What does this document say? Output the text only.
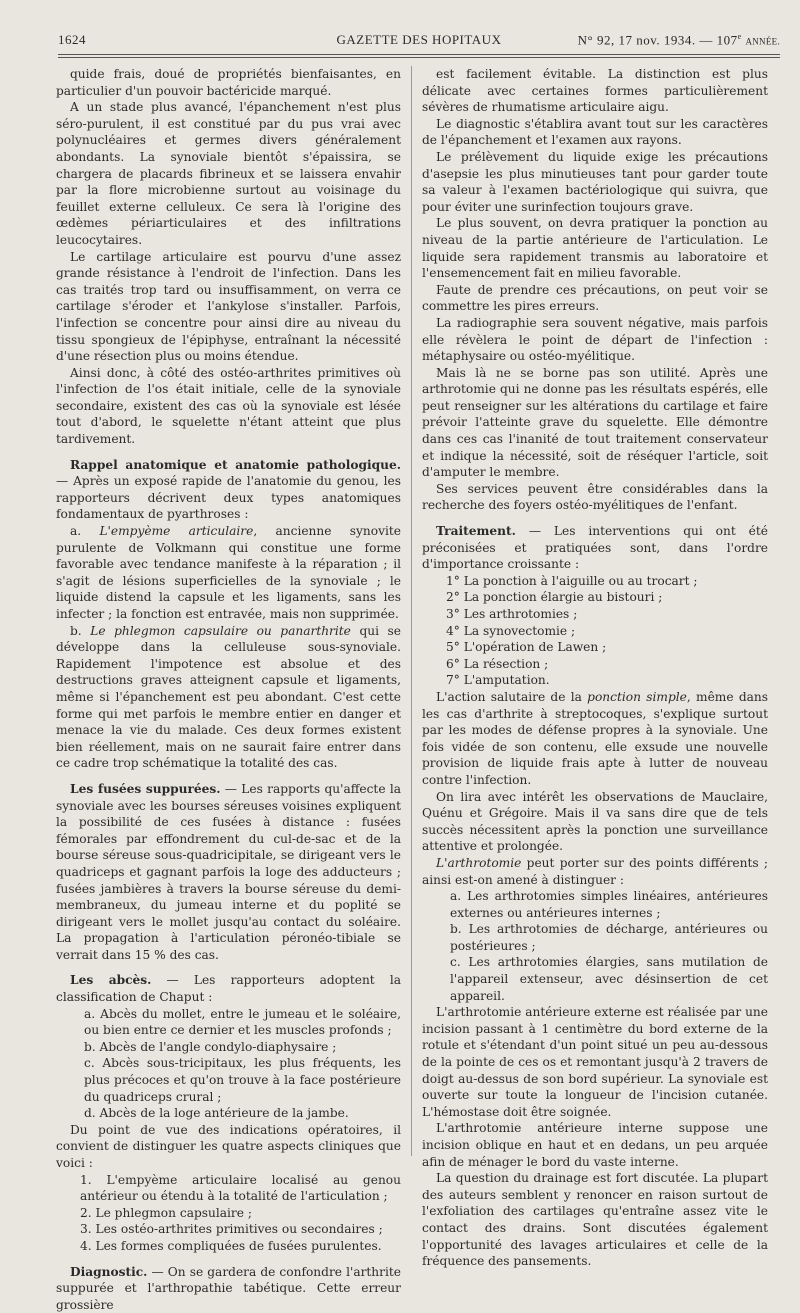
1624	GAZETTE DES HOPITAUX	N° 92, 17 nov. 1934. — 107e ANNÉE.

quide frais, doué de propriétés bienfaisantes, en particulier d'un pouvoir bactéricide marqué.

A un stade plus avancé, l'épanchement n'est plus séro-purulent, il est constitué par du pus vrai avec polynucléaires et germes divers généralement abondants. La synoviale bientôt s'épaissira, se chargera de placards fibrineux et se laissera envahir par la flore microbienne surtout au voisinage du feuillet externe celluleux. Ce sera là l'origine des œdèmes périarticulaires et des infiltrations leucocytaires.

Le cartilage articulaire est pourvu d'une assez grande résistance à l'endroit de l'infection. Dans les cas traités trop tard ou insuffisamment, on verra ce cartilage s'éroder et l'ankylose s'installer. Parfois, l'infection se concentre pour ainsi dire au niveau du tissu spongieux de l'épiphyse, entraînant la nécessité d'une résection plus ou moins étendue.

Ainsi donc, à côté des ostéo-arthrites primitives où l'infection de l'os était initiale, celle de la synoviale secondaire, existent des cas où la synoviale est lésée tout d'abord, le squelette n'étant atteint que plus tardivement.

Rappel anatomique et anatomie pathologique. — Après un exposé rapide de l'anatomie du genou, les rapporteurs décrivent deux types anatomiques fondamentaux de pyarthroses :

a. L'empyème articulaire, ancienne synovite purulente de Volkmann qui constitue une forme favorable avec tendance manifeste à la réparation ; il s'agit de lésions superficielles de la synoviale ; le liquide distend la capsule et les ligaments, sans les infecter ; la fonction est entravée, mais non supprimée.

b. Le phlegmon capsulaire ou panarthrite qui se développe dans la celluleuse sous-synoviale. Rapidement l'impotence est absolue et des destructions graves atteignent capsule et ligaments, même si l'épanchement est peu abondant. C'est cette forme qui met parfois le membre entier en danger et menace la vie du malade. Ces deux formes existent bien réellement, mais on ne saurait faire entrer dans ce cadre trop schématique la totalité des cas.

Les fusées suppurées. — Les rapports qu'affecte la synoviale avec les bourses séreuses voisines expliquent la possibilité de ces fusées à distance : fusées fémorales par effondrement du cul-de-sac et de la bourse séreuse sous-quadricipitale, se dirigeant vers le quadriceps et gagnant parfois la loge des adducteurs ; fusées jambières à travers la bourse séreuse du demi-membraneux, du jumeau interne et du poplité se dirigeant vers le mollet jusqu'au contact du soléaire. La propagation à l'articulation péronéo-tibiale se verrait dans 15 % des cas.

Les abcès. — Les rapporteurs adoptent la classification de Chaput :

a. Abcès du mollet, entre le jumeau et le soléaire, ou bien entre ce dernier et les muscles profonds ;

b. Abcès de l'angle condylo-diaphysaire ;

c. Abcès sous-tricipitaux, les plus fréquents, les plus précoces et qu'on trouve à la face postérieure du quadriceps crural ;

d. Abcès de la loge antérieure de la jambe.

Du point de vue des indications opératoires, il convient de distinguer les quatre aspects cliniques que voici :

1. L'empyème articulaire localisé au genou antérieur ou étendu à la totalité de l'articulation ;

2. Le phlegmon capsulaire ;

3. Les ostéo-arthrites primitives ou secondaires ;

4. Les formes compliquées de fusées purulentes.

Diagnostic. — On se gardera de confondre l'arthrite suppurée et l'arthropathie tabétique. Cette erreur grossière

est facilement évitable. La distinction est plus délicate avec certaines formes particulièrement sévères de rhumatisme articulaire aigu.

Le diagnostic s'établira avant tout sur les caractères de l'épanchement et l'examen aux rayons.

Le prélèvement du liquide exige les précautions d'asepsie les plus minutieuses tant pour garder toute sa valeur à l'examen bactériologique qui suivra, que pour éviter une surinfection toujours grave.

Le plus souvent, on devra pratiquer la ponction au niveau de la partie antérieure de l'articulation. Le liquide sera rapidement transmis au laboratoire et l'ensemencement fait en milieu favorable.

Faute de prendre ces précautions, on peut voir se commettre les pires erreurs.

La radiographie sera souvent négative, mais parfois elle révèlera le point de départ de l'infection : métaphysaire ou ostéo-myélitique.

Mais là ne se borne pas son utilité. Après une arthrotomie qui ne donne pas les résultats espérés, elle peut renseigner sur les altérations du cartilage et faire prévoir l'atteinte grave du squelette. Elle démontre dans ces cas l'inanité de tout traitement conservateur et indique la nécessité, soit de réséquer l'article, soit d'amputer le membre.

Ses services peuvent être considérables dans la recherche des foyers ostéo-myélitiques de l'enfant.

Traitement. — Les interventions qui ont été préconisées et pratiquées sont, dans l'ordre d'importance croissante :

1° La ponction à l'aiguille ou au trocart ;

2° La ponction élargie au bistouri ;

3° Les arthrotomies ;

4° La synovectomie ;

5° L'opération de Lawen ;

6° La résection ;

7° L'amputation.

L'action salutaire de la ponction simple, même dans les cas d'arthrite à streptocoques, s'explique surtout par les modes de défense propres à la synoviale. Une fois vidée de son contenu, elle exsude une nouvelle provision de liquide frais apte à lutter de nouveau contre l'infection.

On lira avec intérêt les observations de Mauclaire, Quénu et Grégoire. Mais il va sans dire que de tels succès nécessitent après la ponction une surveillance attentive et prolongée.

L'arthrotomie peut porter sur des points différents ; ainsi est-on amené à distinguer :

a. Les arthrotomies simples linéaires, antérieures externes ou antérieures internes ;

b. Les arthrotomies de décharge, antérieures ou postérieures ;

c. Les arthrotomies élargies, sans mutilation de l'appareil extenseur, avec désinsertion de cet appareil.

L'arthrotomie antérieure externe est réalisée par une incision passant à 1 centimètre du bord externe de la rotule et s'étendant d'un point situé un peu au-dessous de la pointe de ces os et remontant jusqu'à 2 travers de doigt au-dessus de son bord supérieur. La synoviale est ouverte sur toute la longueur de l'incision cutanée. L'hémostase doit être soignée.

L'arthrotomie antérieure interne suppose une incision oblique en haut et en dedans, un peu arquée afin de ménager le bord du vaste interne.

La question du drainage est fort discutée. La plupart des auteurs semblent y renoncer en raison surtout de l'exfoliation des cartilages qu'entraîne assez vite le contact des drains. Sont discutées également l'opportunité des lavages articulaires et celle de la fréquence des pansements.
